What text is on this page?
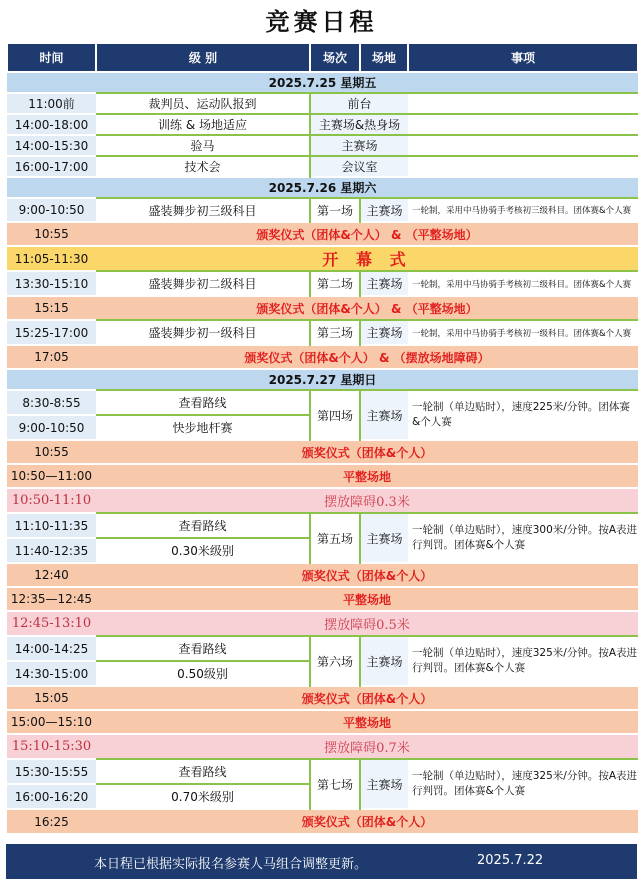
竞赛日程
时间	级 别	场次	场地	事项
2025.7.25 星期五				
11:00前	裁判员、运动队报到	前台		
14:00-18:00	训练 & 场地适应	主赛场&热身场		
14:00-15:30	验马	主赛场		
16:00-17:00	技术会	会议室		
2025.7.26 星期六				
9:00-10:50	盛装舞步初三级科目	第一场	主赛场	一轮制，采用中马协骑手考核初三级科目。团体赛&个人赛
10:55	颁奖仪式（团体&个人） & （平整场地）			
11:05-11:30	开 幕 式			
13:30-15:10	盛装舞步初二级科目	第二场	主赛场	一轮制，采用中马协骑手考核初二级科目。团体赛&个人赛
15:15	颁奖仪式（团体&个人） & （平整场地）			
15:25-17:00	盛装舞步初一级科目	第三场	主赛场	一轮制，采用中马协骑手考核初一级科目。团体赛&个人赛
17:05	颁奖仪式（团体&个人） & （摆放场地障碍）			
2025.7.27 星期日				
8:30-8:55	查看路线	第四场	主赛场	一轮制（单边贴时），速度225米/分钟。团体赛&个人赛
9:00-10:50	快步地杆赛			
10:55	颁奖仪式（团体&个人）			
10:50—11:00	平整场地			
10:50-11:10	摆放障碍0.3米			
11:10-11:35	查看路线	第五场	主赛场	一轮制（单边贴时），速度300米/分钟。按A表进行判罚。团体赛&个人赛
11:40-12:35	0.30米级别			
12:40	颁奖仪式（团体&个人）			
12:35—12:45	平整场地			
12:45-13:10	摆放障碍0.5米			
14:00-14:25	查看路线	第六场	主赛场	一轮制（单边贴时），速度325米/分钟。按A表进行判罚。团体赛&个人赛
14:30-15:00	0.50级别			
15:05	颁奖仪式（团体&个人）			
15:00—15:10	平整场地			
15:10-15:30	摆放障碍0.7米			
15:30-15:55	查看路线	第七场	主赛场	一轮制（单边贴时），速度325米/分钟。按A表进行判罚。团体赛&个人赛
16:00-16:20	0.70米级别			
16:25	颁奖仪式（团体&个人）			
本日程已根据实际报名参赛人马组合调整更新。	2025.7.22
